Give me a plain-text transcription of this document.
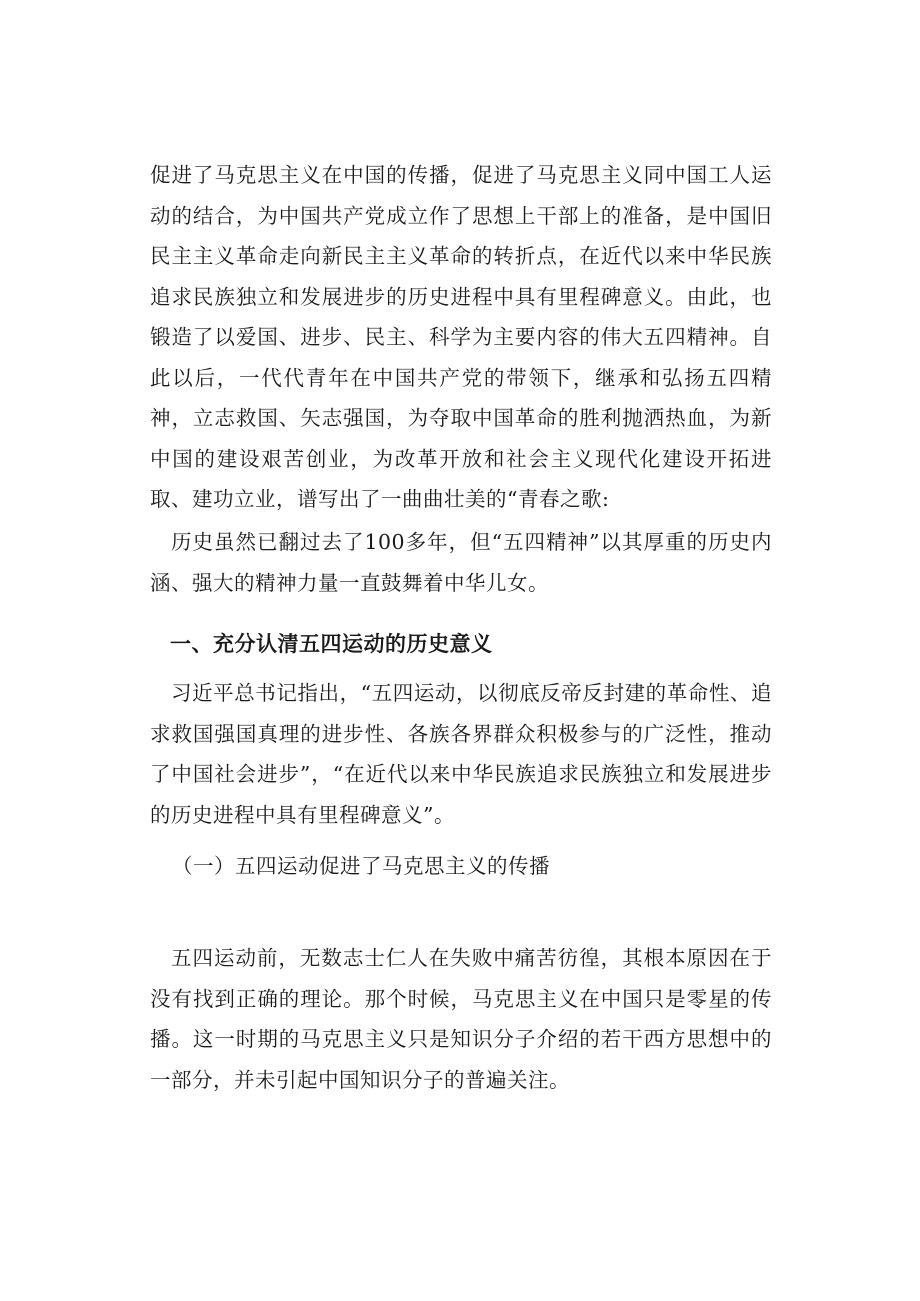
促进了马克思主义在中国的传播，促进了马克思主义同中国工人运动的结合，为中国共产党成立作了思想上干部上的准备，是中国旧民主主义革命走向新民主主义革命的转折点，在近代以来中华民族追求民族独立和发展进步的历史进程中具有里程碑意义。由此，也锻造了以爱国、进步、民主、科学为主要内容的伟大五四精神。自此以后，一代代青年在中国共产党的带领下，继承和弘扬五四精神，立志救国、矢志强国，为夺取中国革命的胜利抛洒热血，为新中国的建设艰苦创业，为改革开放和社会主义现代化建设开拓进取、建功立业，谱写出了一曲曲壮美的“青春之歌:

历史虽然已翻过去了100多年，但“五四精神”以其厚重的历史内涵、强大的精神力量一直鼓舞着中华儿女。

一、充分认清五四运动的历史意义

习近平总书记指出，“五四运动，以彻底反帝反封建的革命性、追求救国强国真理的进步性、各族各界群众积极参与的广泛性，推动了中国社会进步”，“在近代以来中华民族追求民族独立和发展进步的历史进程中具有里程碑意义”。

（一）五四运动促进了马克思主义的传播

五四运动前，无数志士仁人在失败中痛苦彷徨，其根本原因在于没有找到正确的理论。那个时候，马克思主义在中国只是零星的传播。这一时期的马克思主义只是知识分子介绍的若干西方思想中的一部分，并未引起中国知识分子的普遍关注。
